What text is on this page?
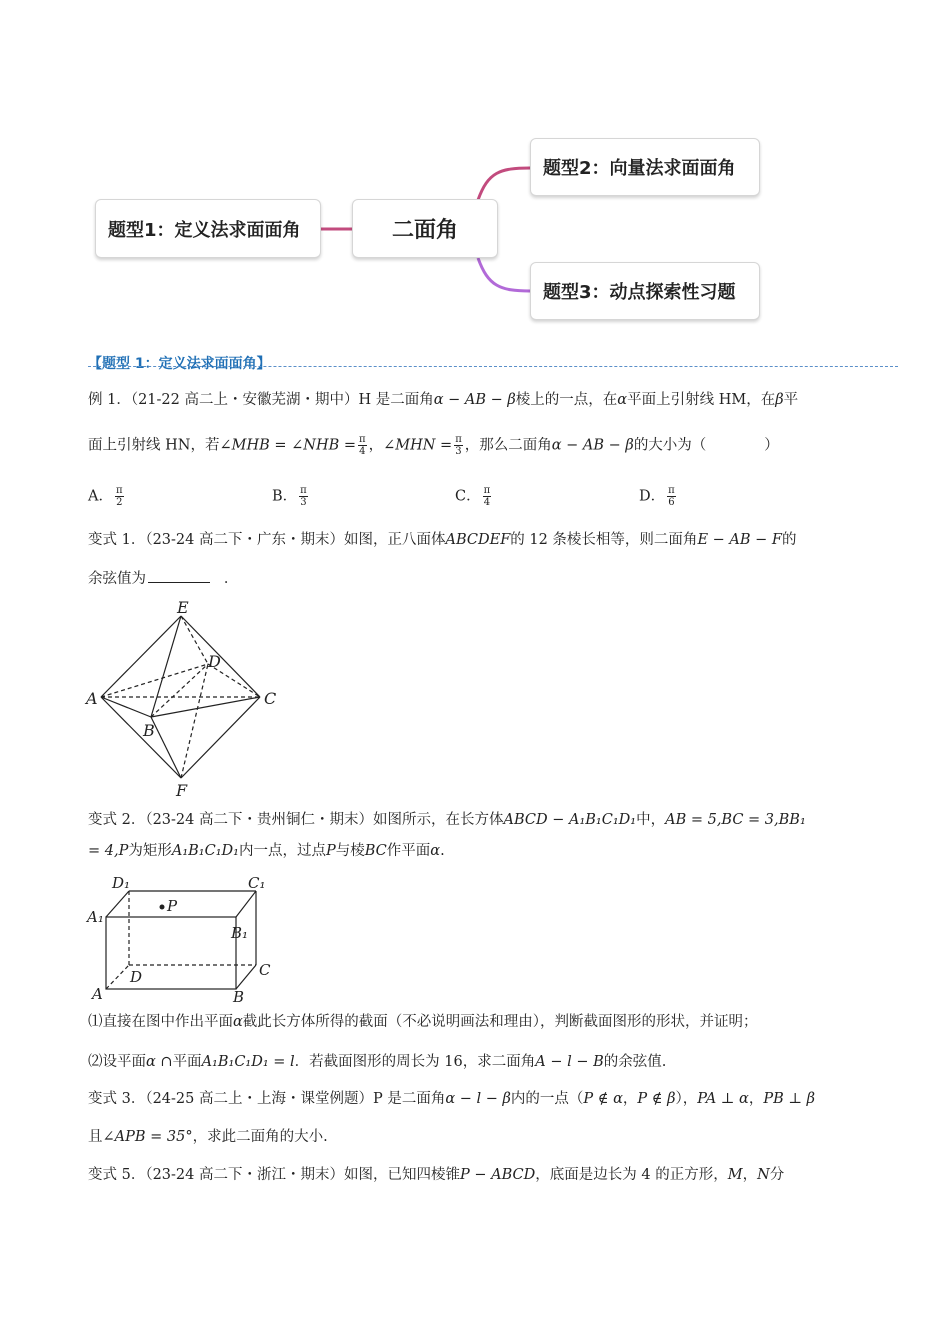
题型1：定义法求面面角	二面角
题型2：向量法求面面角
题型3：动点探索性习题
【题型 1：定义法求面面角】
例 1．（21-22 高二上・安徽芜湖・期中）H 是二面角α − AB − β棱上的一点，在α平面上引射线 HM，在β平
面上引射线 HN，若∠MHB = ∠NHB = $\frac{\pi}{4}$ ，∠MHN = $\frac{\pi}{3}$ ，那么二面角α − AB − β的大小为（　　　　）
A． $\frac{\pi}{2}$	B． $\frac{\pi}{3}$	C． $\frac{\pi}{4}$	D． $\frac{\pi}{6}$
变式 1．（23-24 高二下・广东・期末）如图，正八面体ABCDEF的 12 条棱长相等，则二面角E − AB − F的
余弦值为	．
E
D
A	C
B
F
变式 2．（23-24 高二下・贵州铜仁・期末）如图所示，在长方体ABCD − A₁B₁C₁D₁中，AB = 5,BC = 3,BB₁
= 4,P为矩形A₁B₁C₁D₁内一点，过点P与棱BC作平面α.
D₁	C₁
P
A₁
B₁
D	C
A	B
⑴直接在图中作出平面α截此长方体所得的截面（不必说明画法和理由），判断截面图形的形状，并证明；
⑵设平面α ∩平面A₁B₁C₁D₁ = l．若截面图形的周长为 16，求二面角A − l − B的余弦值.
变式 3．（24-25 高二上・上海・课堂例题）P 是二面角α − l − β内的一点（P ∉ α，P ∉ β），PA ⊥ α，PB ⊥ β
且∠APB = 35°，求此二面角的大小.
变式 5．（23-24 高二下・浙江・期末）如图，已知四棱锥P − ABCD，底面是边长为 4 的正方形，M，N分
